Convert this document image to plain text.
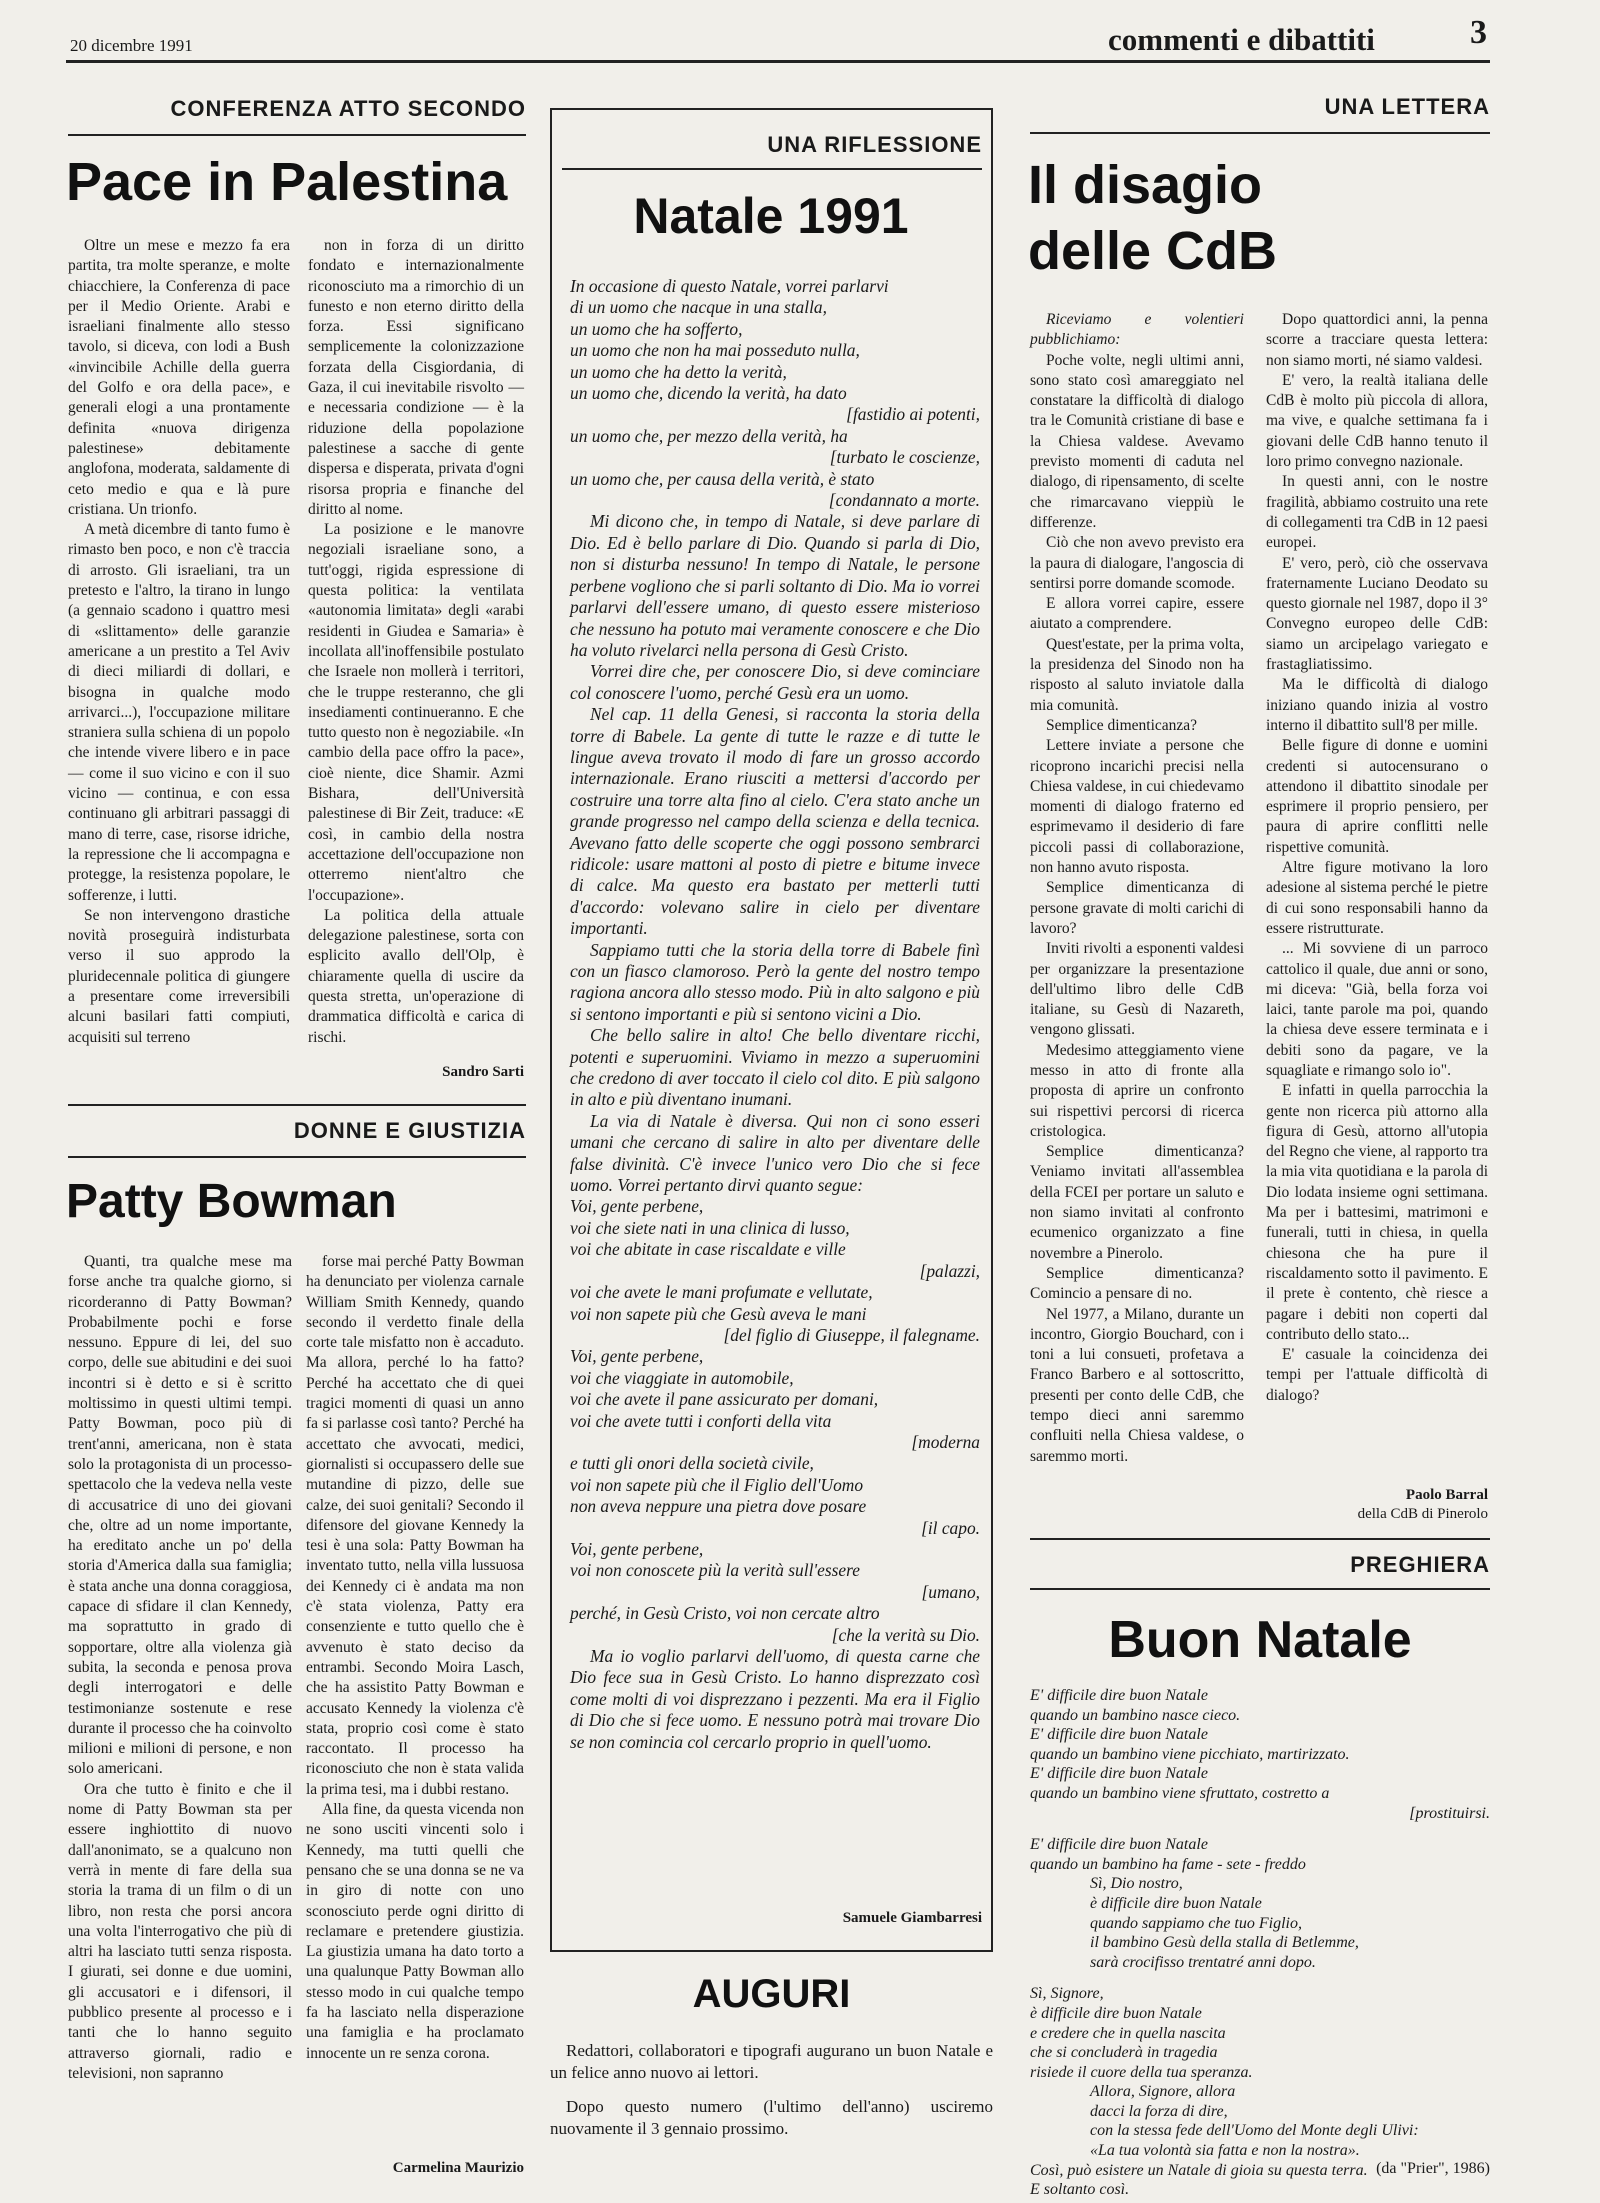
20 dicembre 1991	commenti e dibattiti	3
CONFERENZA ATTO SECONDO
Pace in Palestina

Oltre un mese e mezzo fa era partita, tra molte speranze, e molte chiacchiere, la Conferenza di pace per il Medio Oriente. Arabi e israeliani finalmente allo stesso tavolo, si diceva, con lodi a Bush «invincibile Achille della guerra del Golfo e ora della pace», e generali elogi a una prontamente definita «nuova dirigenza palestinese» debitamente anglofona, moderata, saldamente di ceto medio e qua e là pure cristiana. Un trionfo.

A metà dicembre di tanto fumo è rimasto ben poco, e non c'è traccia di arrosto. Gli israeliani, tra un pretesto e l'altro, la tirano in lungo (a gennaio scadono i quattro mesi di «slittamento» delle garanzie americane a un prestito a Tel Aviv di dieci miliardi di dollari, e bisogna in qualche modo arrivarci...), l'occupazione militare straniera sulla schiena di un popolo che intende vivere libero e in pace — come il suo vicino e con il suo vicino — continua, e con essa continuano gli arbitrari passaggi di mano di terre, case, risorse idriche, la repressione che li accompagna e protegge, la resistenza popolare, le sofferenze, i lutti.

Se non intervengono drastiche novità proseguirà indisturbata verso il suo approdo la pluridecennale politica di giungere a presentare come irreversibili alcuni basilari fatti compiuti, acquisiti sul terreno

non in forza di un diritto fondato e internazionalmente riconosciuto ma a rimorchio di un funesto e non eterno diritto della forza. Essi significano semplicemente la colonizzazione forzata della Cisgiordania, di Gaza, il cui inevitabile risvolto — e necessaria condizione — è la riduzione della popolazione palestinese a sacche di gente dispersa e disperata, privata d'ogni risorsa propria e finanche del diritto al nome.

La posizione e le manovre negoziali israeliane sono, a tutt'oggi, rigida espressione di questa politica: la ventilata «autonomia limitata» degli «arabi residenti in Giudea e Samaria» è incollata all'inoffensibile postulato che Israele non mollerà i territori, che le truppe resteranno, che gli insediamenti continueranno. E che tutto questo non è negoziabile. «In cambio della pace offro la pace», cioè niente, dice Shamir. Azmi Bishara, dell'Università palestinese di Bir Zeit, traduce: «E così, in cambio della nostra accettazione dell'occupazione non otterremo nient'altro che l'occupazione».

La politica della attuale delegazione palestinese, sorta con esplicito avallo dell'Olp, è chiaramente quella di uscire da questa stretta, un'operazione di drammatica difficoltà e carica di rischi.

Sandro Sarti
DONNE E GIUSTIZIA
Patty Bowman

Quanti, tra qualche mese ma forse anche tra qualche giorno, si ricorderanno di Patty Bowman? Probabilmente pochi e forse nessuno. Eppure di lei, del suo corpo, delle sue abitudini e dei suoi incontri si è detto e si è scritto moltissimo in questi ultimi tempi. Patty Bowman, poco più di trent'anni, americana, non è stata solo la protagonista di un processo-spettacolo che la vedeva nella veste di accusatrice di uno dei giovani che, oltre ad un nome importante, ha ereditato anche un po' della storia d'America dalla sua famiglia; è stata anche una donna coraggiosa, capace di sfidare il clan Kennedy, ma soprattutto in grado di sopportare, oltre alla violenza già subita, la seconda e penosa prova degli interrogatori e delle testimonianze sostenute e rese durante il processo che ha coinvolto milioni e milioni di persone, e non solo americani.

Ora che tutto è finito e che il nome di Patty Bowman sta per essere inghiottito di nuovo dall'anonimato, se a qualcuno non verrà in mente di fare della sua storia la trama di un film o di un libro, non resta che porsi ancora una volta l'interrogativo che più di altri ha lasciato tutti senza risposta. I giurati, sei donne e due uomini, gli accusatori e i difensori, il pubblico presente al processo e i tanti che lo hanno seguito attraverso giornali, radio e televisioni, non sapranno

forse mai perché Patty Bowman ha denunciato per violenza carnale William Smith Kennedy, quando secondo il verdetto finale della corte tale misfatto non è accaduto. Ma allora, perché lo ha fatto? Perché ha accettato che di quei tragici momenti di quasi un anno fa si parlasse così tanto? Perché ha accettato che avvocati, medici, giornalisti si occupassero delle sue mutandine di pizzo, delle sue calze, dei suoi genitali? Secondo il difensore del giovane Kennedy la tesi è una sola: Patty Bowman ha inventato tutto, nella villa lussuosa dei Kennedy ci è andata ma non c'è stata violenza, Patty era consenziente e tutto quello che è avvenuto è stato deciso da entrambi. Secondo Moira Lasch, che ha assistito Patty Bowman e accusato Kennedy la violenza c'è stata, proprio così come è stato raccontato. Il processo ha riconosciuto che non è stata valida la prima tesi, ma i dubbi restano.

Alla fine, da questa vicenda non ne sono usciti vincenti solo i Kennedy, ma tutti quelli che pensano che se una donna se ne va in giro di notte con uno sconosciuto perde ogni diritto di reclamare e pretendere giustizia. La giustizia umana ha dato torto a una qualunque Patty Bowman allo stesso modo in cui qualche tempo fa ha lasciato nella disperazione una famiglia e ha proclamato innocente un re senza corona.

Carmelina Maurizio
UNA RIFLESSIONE
Natale 1991

In occasione di questo Natale, vorrei parlarvi

di un uomo che nacque in una stalla,

un uomo che ha sofferto,

un uomo che non ha mai posseduto nulla,

un uomo che ha detto la verità,

un uomo che, dicendo la verità, ha dato

[fastidio ai potenti,

un uomo che, per mezzo della verità, ha

[turbato le coscienze,

un uomo che, per causa della verità, è stato

[condannato a morte.

Mi dicono che, in tempo di Natale, si deve parlare di Dio. Ed è bello parlare di Dio. Quando si parla di Dio, non si disturba nessuno! In tempo di Natale, le persone perbene vogliono che si parli soltanto di Dio. Ma io vorrei parlarvi dell'essere umano, di questo essere misterioso che nessuno ha potuto mai veramente conoscere e che Dio ha voluto rivelarci nella persona di Gesù Cristo.

Vorrei dire che, per conoscere Dio, si deve cominciare col conoscere l'uomo, perché Gesù era un uomo.

Nel cap. 11 della Genesi, si racconta la storia della torre di Babele. La gente di tutte le razze e di tutte le lingue aveva trovato il modo di fare un grosso accordo internazionale. Erano riusciti a mettersi d'accordo per costruire una torre alta fino al cielo. C'era stato anche un grande progresso nel campo della scienza e della tecnica. Avevano fatto delle scoperte che oggi possono sembrarci ridicole: usare mattoni al posto di pietre e bitume invece di calce. Ma questo era bastato per metterli tutti d'accordo: volevano salire in cielo per diventare importanti.

Sappiamo tutti che la storia della torre di Babele finì con un fiasco clamoroso. Però la gente del nostro tempo ragiona ancora allo stesso modo. Più in alto salgono e più si sentono importanti e più si sentono vicini a Dio.

Che bello salire in alto! Che bello diventare ricchi, potenti e superuomini. Viviamo in mezzo a superuomini che credono di aver toccato il cielo col dito. E più salgono in alto e più diventano inumani.

La via di Natale è diversa. Qui non ci sono esseri umani che cercano di salire in alto per diventare delle false divinità. C'è invece l'unico vero Dio che si fece uomo. Vorrei pertanto dirvi quanto segue:

Voi, gente perbene,

voi che siete nati in una clinica di lusso,

voi che abitate in case riscaldate e ville

[palazzi,

voi che avete le mani profumate e vellutate,

voi non sapete più che Gesù aveva le mani

[del figlio di Giuseppe, il falegname.

Voi, gente perbene,

voi che viaggiate in automobile,

voi che avete il pane assicurato per domani,

voi che avete tutti i conforti della vita

[moderna

e tutti gli onori della società civile,

voi non sapete più che il Figlio dell'Uomo

non aveva neppure una pietra dove posare

[il capo.

Voi, gente perbene,

voi non conoscete più la verità sull'essere

[umano,

perché, in Gesù Cristo, voi non cercate altro

[che la verità su Dio.

Ma io voglio parlarvi dell'uomo, di questa carne che Dio fece sua in Gesù Cristo. Lo hanno disprezzato così come molti di voi disprezzano i pezzenti. Ma era il Figlio di Dio che si fece uomo. E nessuno potrà mai trovare Dio se non comincia col cercarlo proprio in quell'uomo.

Samuele Giambarresi
AUGURI

Redattori, collaboratori e tipografi augurano un buon Natale e un felice anno nuovo ai lettori.

Dopo questo numero (l'ultimo dell'anno) usciremo nuovamente il 3 gennaio prossimo.

UNA LETTERA
Il disagio
delle CdB

Riceviamo e volentieri pubblichiamo:

Poche volte, negli ultimi anni, sono stato così amareggiato nel constatare la difficoltà di dialogo tra le Comunità cristiane di base e la Chiesa valdese. Avevamo previsto momenti di caduta nel dialogo, di ripensamento, di scelte che rimarcavano vieppiù le differenze.

Ciò che non avevo previsto era la paura di dialogare, l'angoscia di sentirsi porre domande scomode.

E allora vorrei capire, essere aiutato a comprendere.

Quest'estate, per la prima volta, la presidenza del Sinodo non ha risposto al saluto inviatole dalla mia comunità.

Semplice dimenticanza?

Lettere inviate a persone che ricoprono incarichi precisi nella Chiesa valdese, in cui chiedevamo momenti di dialogo fraterno ed esprimevamo il desiderio di fare piccoli passi di collaborazione, non hanno avuto risposta.

Semplice dimenticanza di persone gravate di molti carichi di lavoro?

Inviti rivolti a esponenti valdesi per organizzare la presentazione dell'ultimo libro delle CdB italiane, su Gesù di Nazareth, vengono glissati.

Medesimo atteggiamento viene messo in atto di fronte alla proposta di aprire un confronto sui rispettivi percorsi di ricerca cristologica.

Semplice dimenticanza? Veniamo invitati all'assemblea della FCEI per portare un saluto e non siamo invitati al confronto ecumenico organizzato a fine novembre a Pinerolo.

Semplice dimenticanza? Comincio a pensare di no.

Nel 1977, a Milano, durante un incontro, Giorgio Bouchard, con i toni a lui consueti, profetava a Franco Barbero e al sottoscritto, presenti per conto delle CdB, che tempo dieci anni saremmo confluiti nella Chiesa valdese, o saremmo morti.

Dopo quattordici anni, la penna scorre a tracciare questa lettera: non siamo morti, né siamo valdesi.

E' vero, la realtà italiana delle CdB è molto più piccola di allora, ma vive, e qualche settimana fa i giovani delle CdB hanno tenuto il loro primo convegno nazionale.

In questi anni, con le nostre fragilità, abbiamo costruito una rete di collegamenti tra CdB in 12 paesi europei.

E' vero, però, ciò che osservava fraternamente Luciano Deodato su questo giornale nel 1987, dopo il 3° Convegno europeo delle CdB: siamo un arcipelago variegato e frastagliatissimo.

Ma le difficoltà di dialogo iniziano quando inizia al vostro interno il dibattito sull'8 per mille.

Belle figure di donne e uomini credenti si autocensurano o attendono il dibattito sinodale per esprimere il proprio pensiero, per paura di aprire conflitti nelle rispettive comunità.

Altre figure motivano la loro adesione al sistema perché le pietre di cui sono responsabili hanno da essere ristrutturate.

... Mi sovviene di un parroco cattolico il quale, due anni or sono, mi diceva: "Già, bella forza voi laici, tante parole ma poi, quando la chiesa deve essere terminata e i debiti sono da pagare, ve la squagliate e rimango solo io".

E infatti in quella parrocchia la gente non ricerca più attorno alla figura di Gesù, attorno all'utopia del Regno che viene, al rapporto tra la mia vita quotidiana e la parola di Dio lodata insieme ogni settimana. Ma per i battesimi, matrimoni e funerali, tutti in chiesa, in quella chiesona che ha pure il riscaldamento sotto il pavimento. E il prete è contento, chè riesce a pagare i debiti non coperti dal contributo dello stato...

E' casuale la coincidenza dei tempi per l'attuale difficoltà di dialogo?

Paolo Barral
della CdB di Pinerolo
PREGHIERA
Buon Natale

E' difficile dire buon Natale

quando un bambino nasce cieco.

E' difficile dire buon Natale

quando un bambino viene picchiato, martirizzato.

E' difficile dire buon Natale

quando un bambino viene sfruttato, costretto a

[prostituirsi.

E' difficile dire buon Natale

quando un bambino ha fame - sete - freddo

Sì, Dio nostro,

è difficile dire buon Natale

quando sappiamo che tuo Figlio,

il bambino Gesù della stalla di Betlemme,

sarà crocifisso trentatré anni dopo.

Sì, Signore,

è difficile dire buon Natale

e credere che in quella nascita

che si concluderà in tragedia

risiede il cuore della tua speranza.

Allora, Signore, allora

dacci la forza di dire,

con la stessa fede dell'Uomo del Monte degli Ulivi:

«La tua volontà sia fatta e non la nostra».

Così, può esistere un Natale di gioia su questa terra.

E soltanto così.

(da "Prier", 1986)
